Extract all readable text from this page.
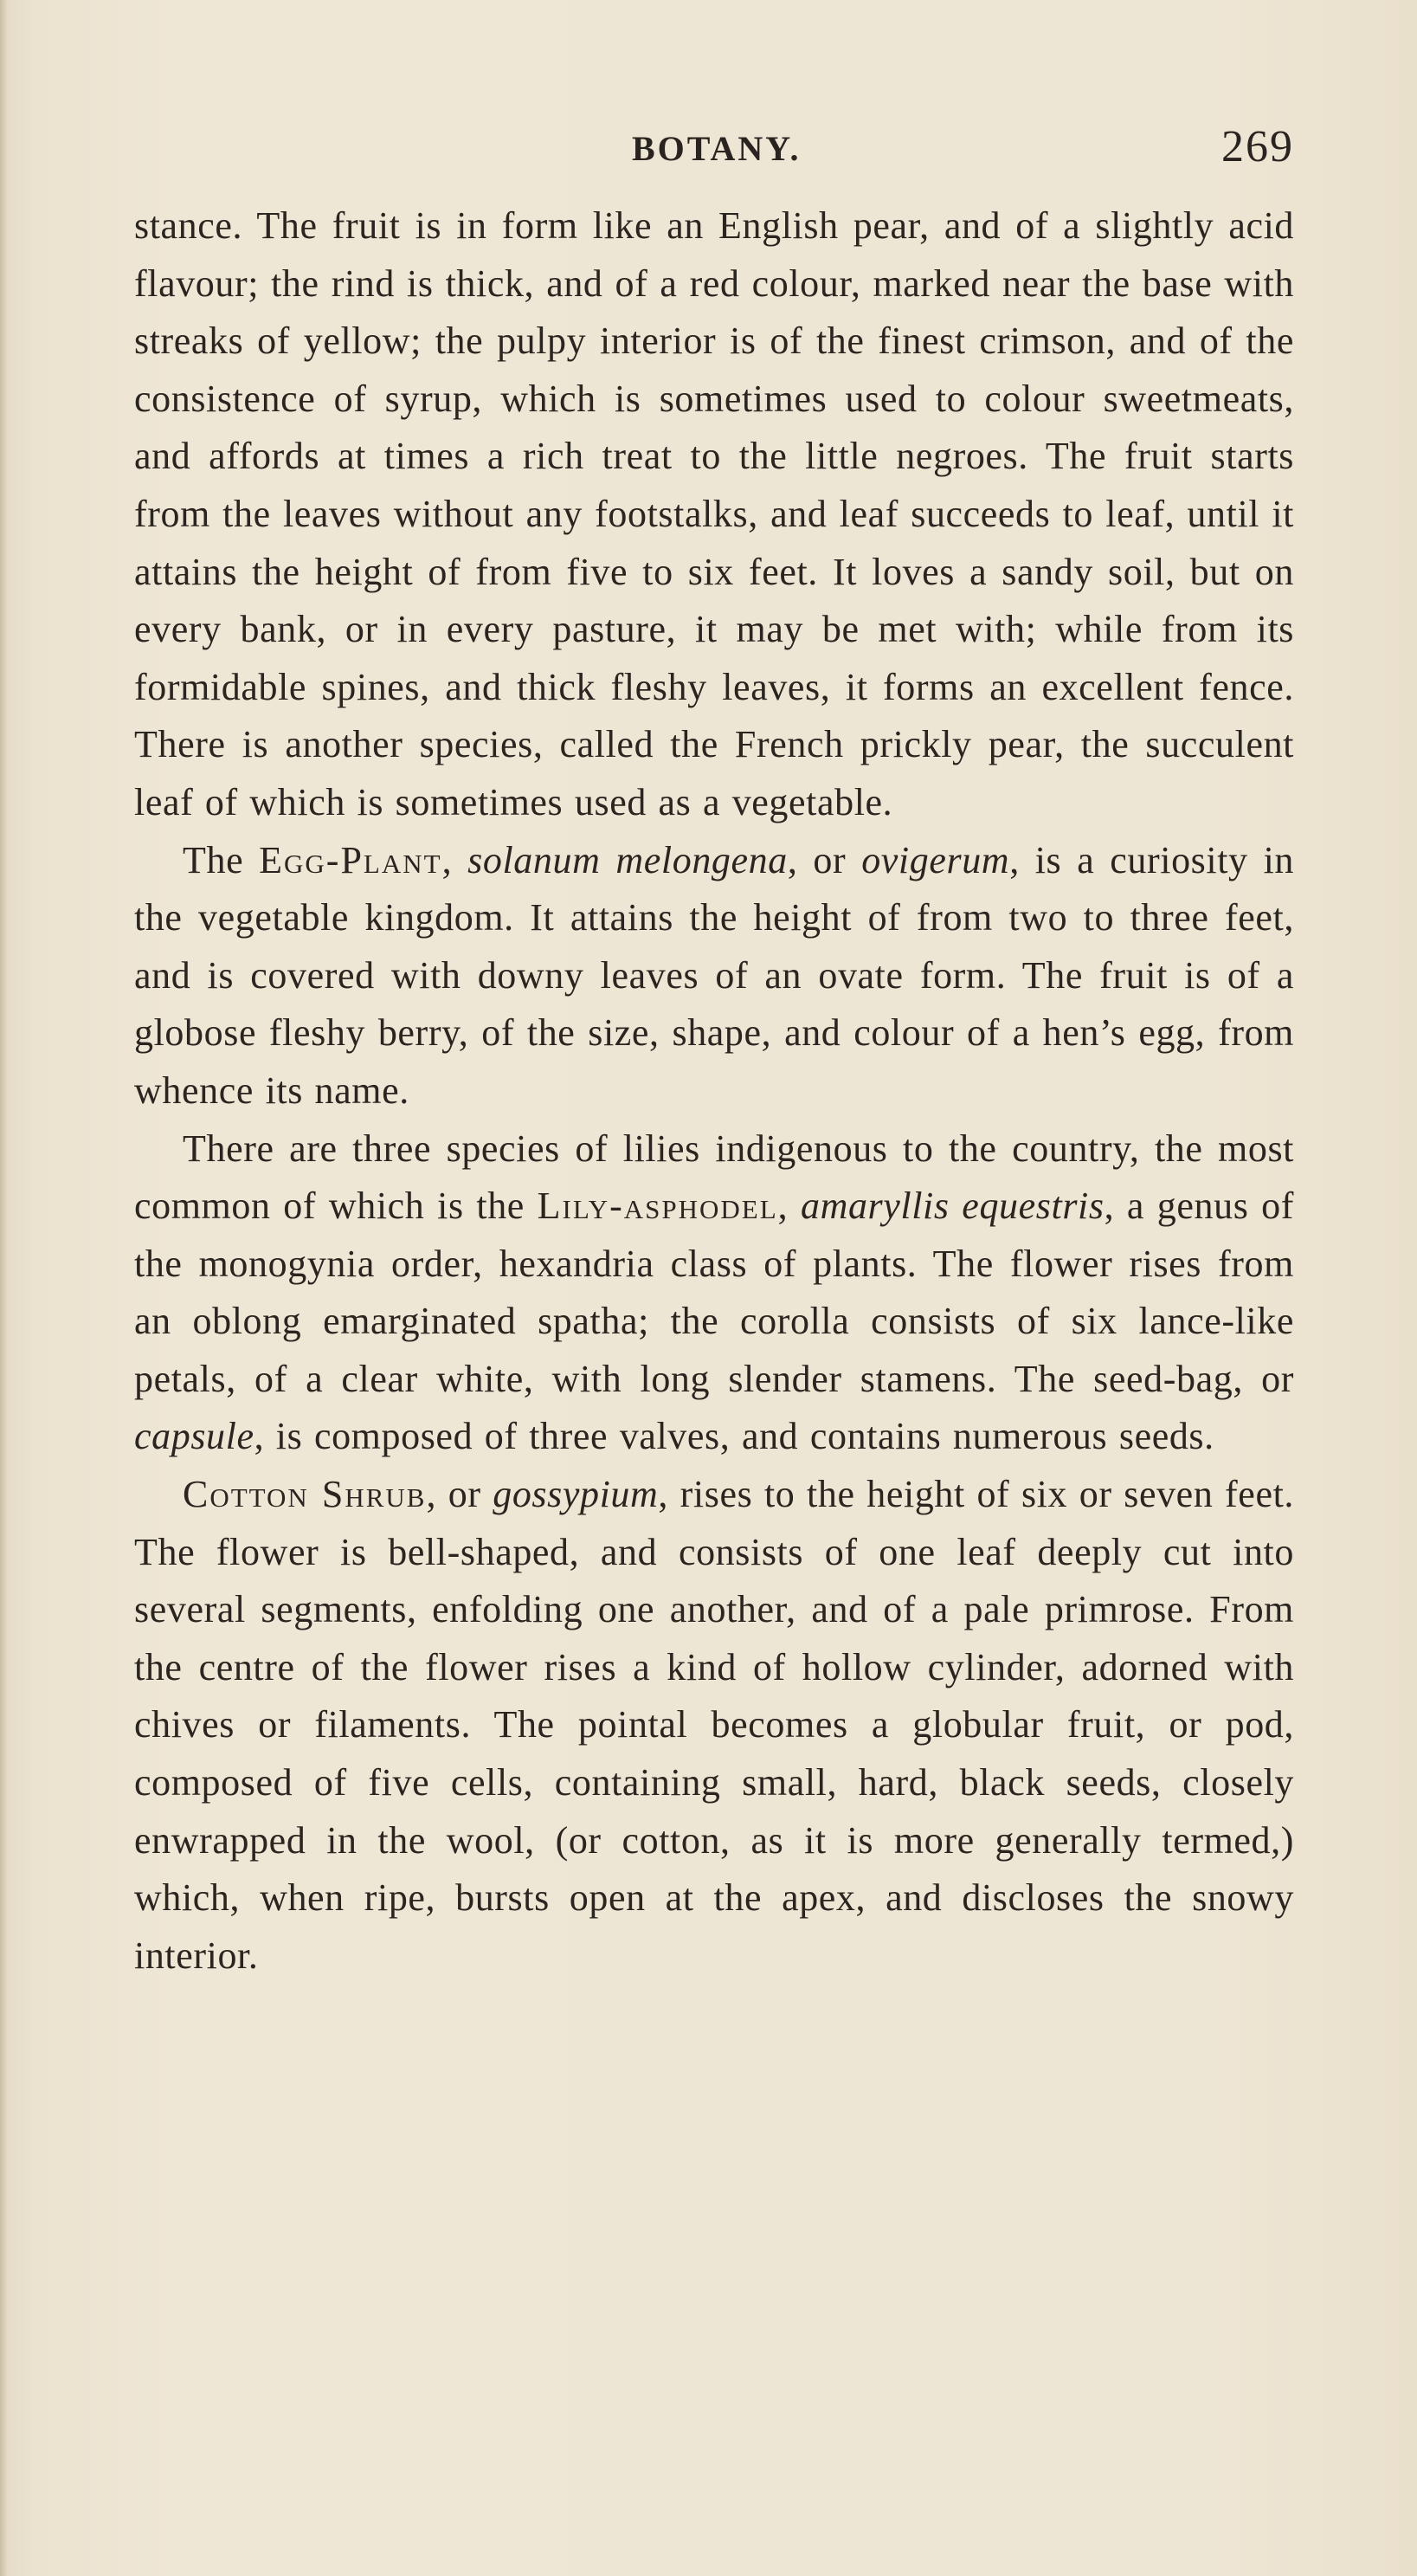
BOTANY.	269

stance. The fruit is in form like an English pear, and of a slightly acid flavour; the rind is thick, and of a red colour, marked near the base with streaks of yellow; the pulpy interior is of the finest crimson, and of the consistence of syrup, which is sometimes used to colour sweetmeats, and affords at times a rich treat to the little negroes. The fruit starts from the leaves without any footstalks, and leaf succeeds to leaf, until it attains the height of from five to six feet. It loves a sandy soil, but on every bank, or in every pasture, it may be met with; while from its formidable spines, and thick fleshy leaves, it forms an excellent fence. There is another species, called the French prickly pear, the succulent leaf of which is sometimes used as a vegetable.

The Egg-Plant, solanum melongena, or ovigerum, is a curiosity in the vegetable kingdom. It attains the height of from two to three feet, and is covered with downy leaves of an ovate form. The fruit is of a globose fleshy berry, of the size, shape, and colour of a hen’s egg, from whence its name.

There are three species of lilies indigenous to the country, the most common of which is the Lily-asphodel, amaryllis equestris, a genus of the monogynia order, hexandria class of plants. The flower rises from an oblong emarginated spatha; the corolla consists of six lance-like petals, of a clear white, with long slender stamens. The seed-bag, or capsule, is composed of three valves, and contains numerous seeds.

Cotton Shrub, or gossypium, rises to the height of six or seven feet. The flower is bell-shaped, and consists of one leaf deeply cut into several segments, enfolding one another, and of a pale primrose. From the centre of the flower rises a kind of hollow cylinder, adorned with chives or filaments. The pointal becomes a globular fruit, or pod, composed of five cells, containing small, hard, black seeds, closely enwrapped in the wool, (or cotton, as it is more generally termed,) which, when ripe, bursts open at the apex, and discloses the snowy interior.
